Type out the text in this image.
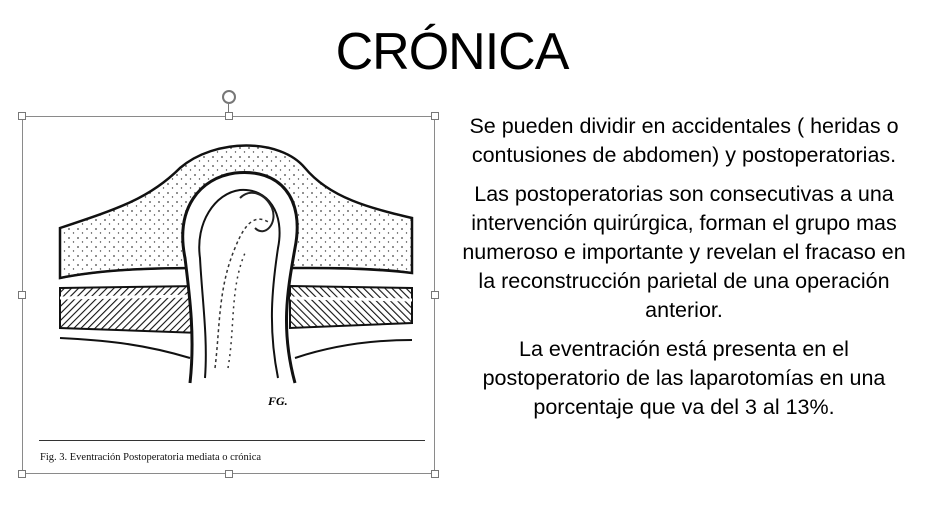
CRÓNICA
FG.
Fig. 3. Eventración Postoperatoria mediata o crónica

Se pueden dividir en accidentales ( heridas o contusiones de abdomen) y postoperatorias.

Las postoperatorias son consecutivas a una intervención quirúrgica, forman el grupo mas numeroso e importante y revelan el fracaso en la reconstrucción parietal de una operación anterior.

La eventración está presenta en el postoperatorio de las laparotomías en una porcentaje que va del 3 al 13%.
